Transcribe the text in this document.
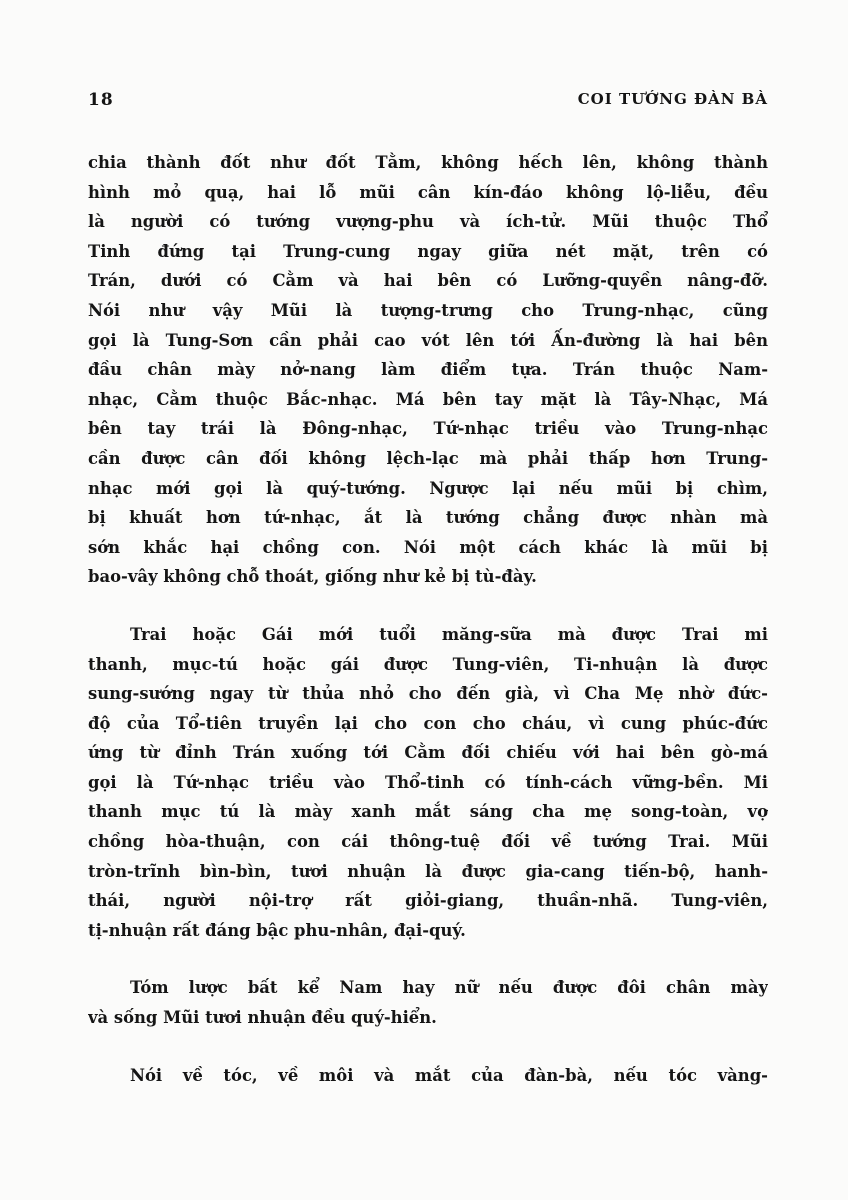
18	COI TƯỚNG ĐÀN BÀ
chia thành đốt như đốt Tằm, không hếch lên, không thành
hình mỏ quạ, hai lỗ mũi cân kín-đáo không lộ-liễu, đều
là người có tướng vượng-phu và ích-tử. Mũi thuộc Thổ
Tinh đứng tại Trung-cung ngay giữa nét mặt, trên có
Trán, dưới có Cằm và hai bên có Lưỡng-quyền nâng-đỡ.
Nói như vậy Mũi là tượng-trưng cho Trung-nhạc, cũng
gọi là Tung-Sơn cần phải cao vót lên tới Ấn-đường là hai bên
đầu chân mày nở-nang làm điểm tựa. Trán thuộc Nam-
nhạc, Cằm thuộc Bắc-nhạc. Má bên tay mặt là Tây-Nhạc, Má
bên tay trái là Đông-nhạc, Tứ-nhạc triều vào Trung-nhạc
cần được cân đối không lệch-lạc mà phải thấp hơn Trung-
nhạc mới gọi là quý-tướng. Ngược lại nếu mũi bị chìm,
bị khuất hơn tứ-nhạc, ắt là tướng chẳng được nhàn mà
sớn khắc hại chồng con. Nói một cách khác là mũi bị
bao-vây không chỗ thoát, giống như kẻ bị tù-đày.
Trai hoặc Gái mới tuổi măng-sữa mà được Trai mi
thanh, mục-tú hoặc gái được Tung-viên, Ti-nhuận là được
sung-sướng ngay từ thủa nhỏ cho đến già, vì Cha Mẹ nhờ đức-
độ của Tổ-tiên truyền lại cho con cho cháu, vì cung phúc-đức
ứng từ đỉnh Trán xuống tới Cằm đối chiếu với hai bên gò-má
gọi là Tứ-nhạc triều vào Thổ-tinh có tính-cách vững-bền. Mi
thanh mục tú là mày xanh mắt sáng cha mẹ song-toàn, vợ
chồng hòa-thuận, con cái thông-tuệ đối về tướng Trai. Mũi
tròn-trĩnh bìn-bìn, tươi nhuận là được gia-cang tiến-bộ, hanh-
thái, người nội-trợ rất giỏi-giang, thuần-nhã. Tung-viên,
tị-nhuận rất đáng bậc phu-nhân, đại-quý.
Tóm lược bất kể Nam hay nữ nếu được đôi chân mày
và sống Mũi tươi nhuận đều quý-hiển.
Nói về tóc, về môi và mắt của đàn-bà, nếu tóc vàng-
